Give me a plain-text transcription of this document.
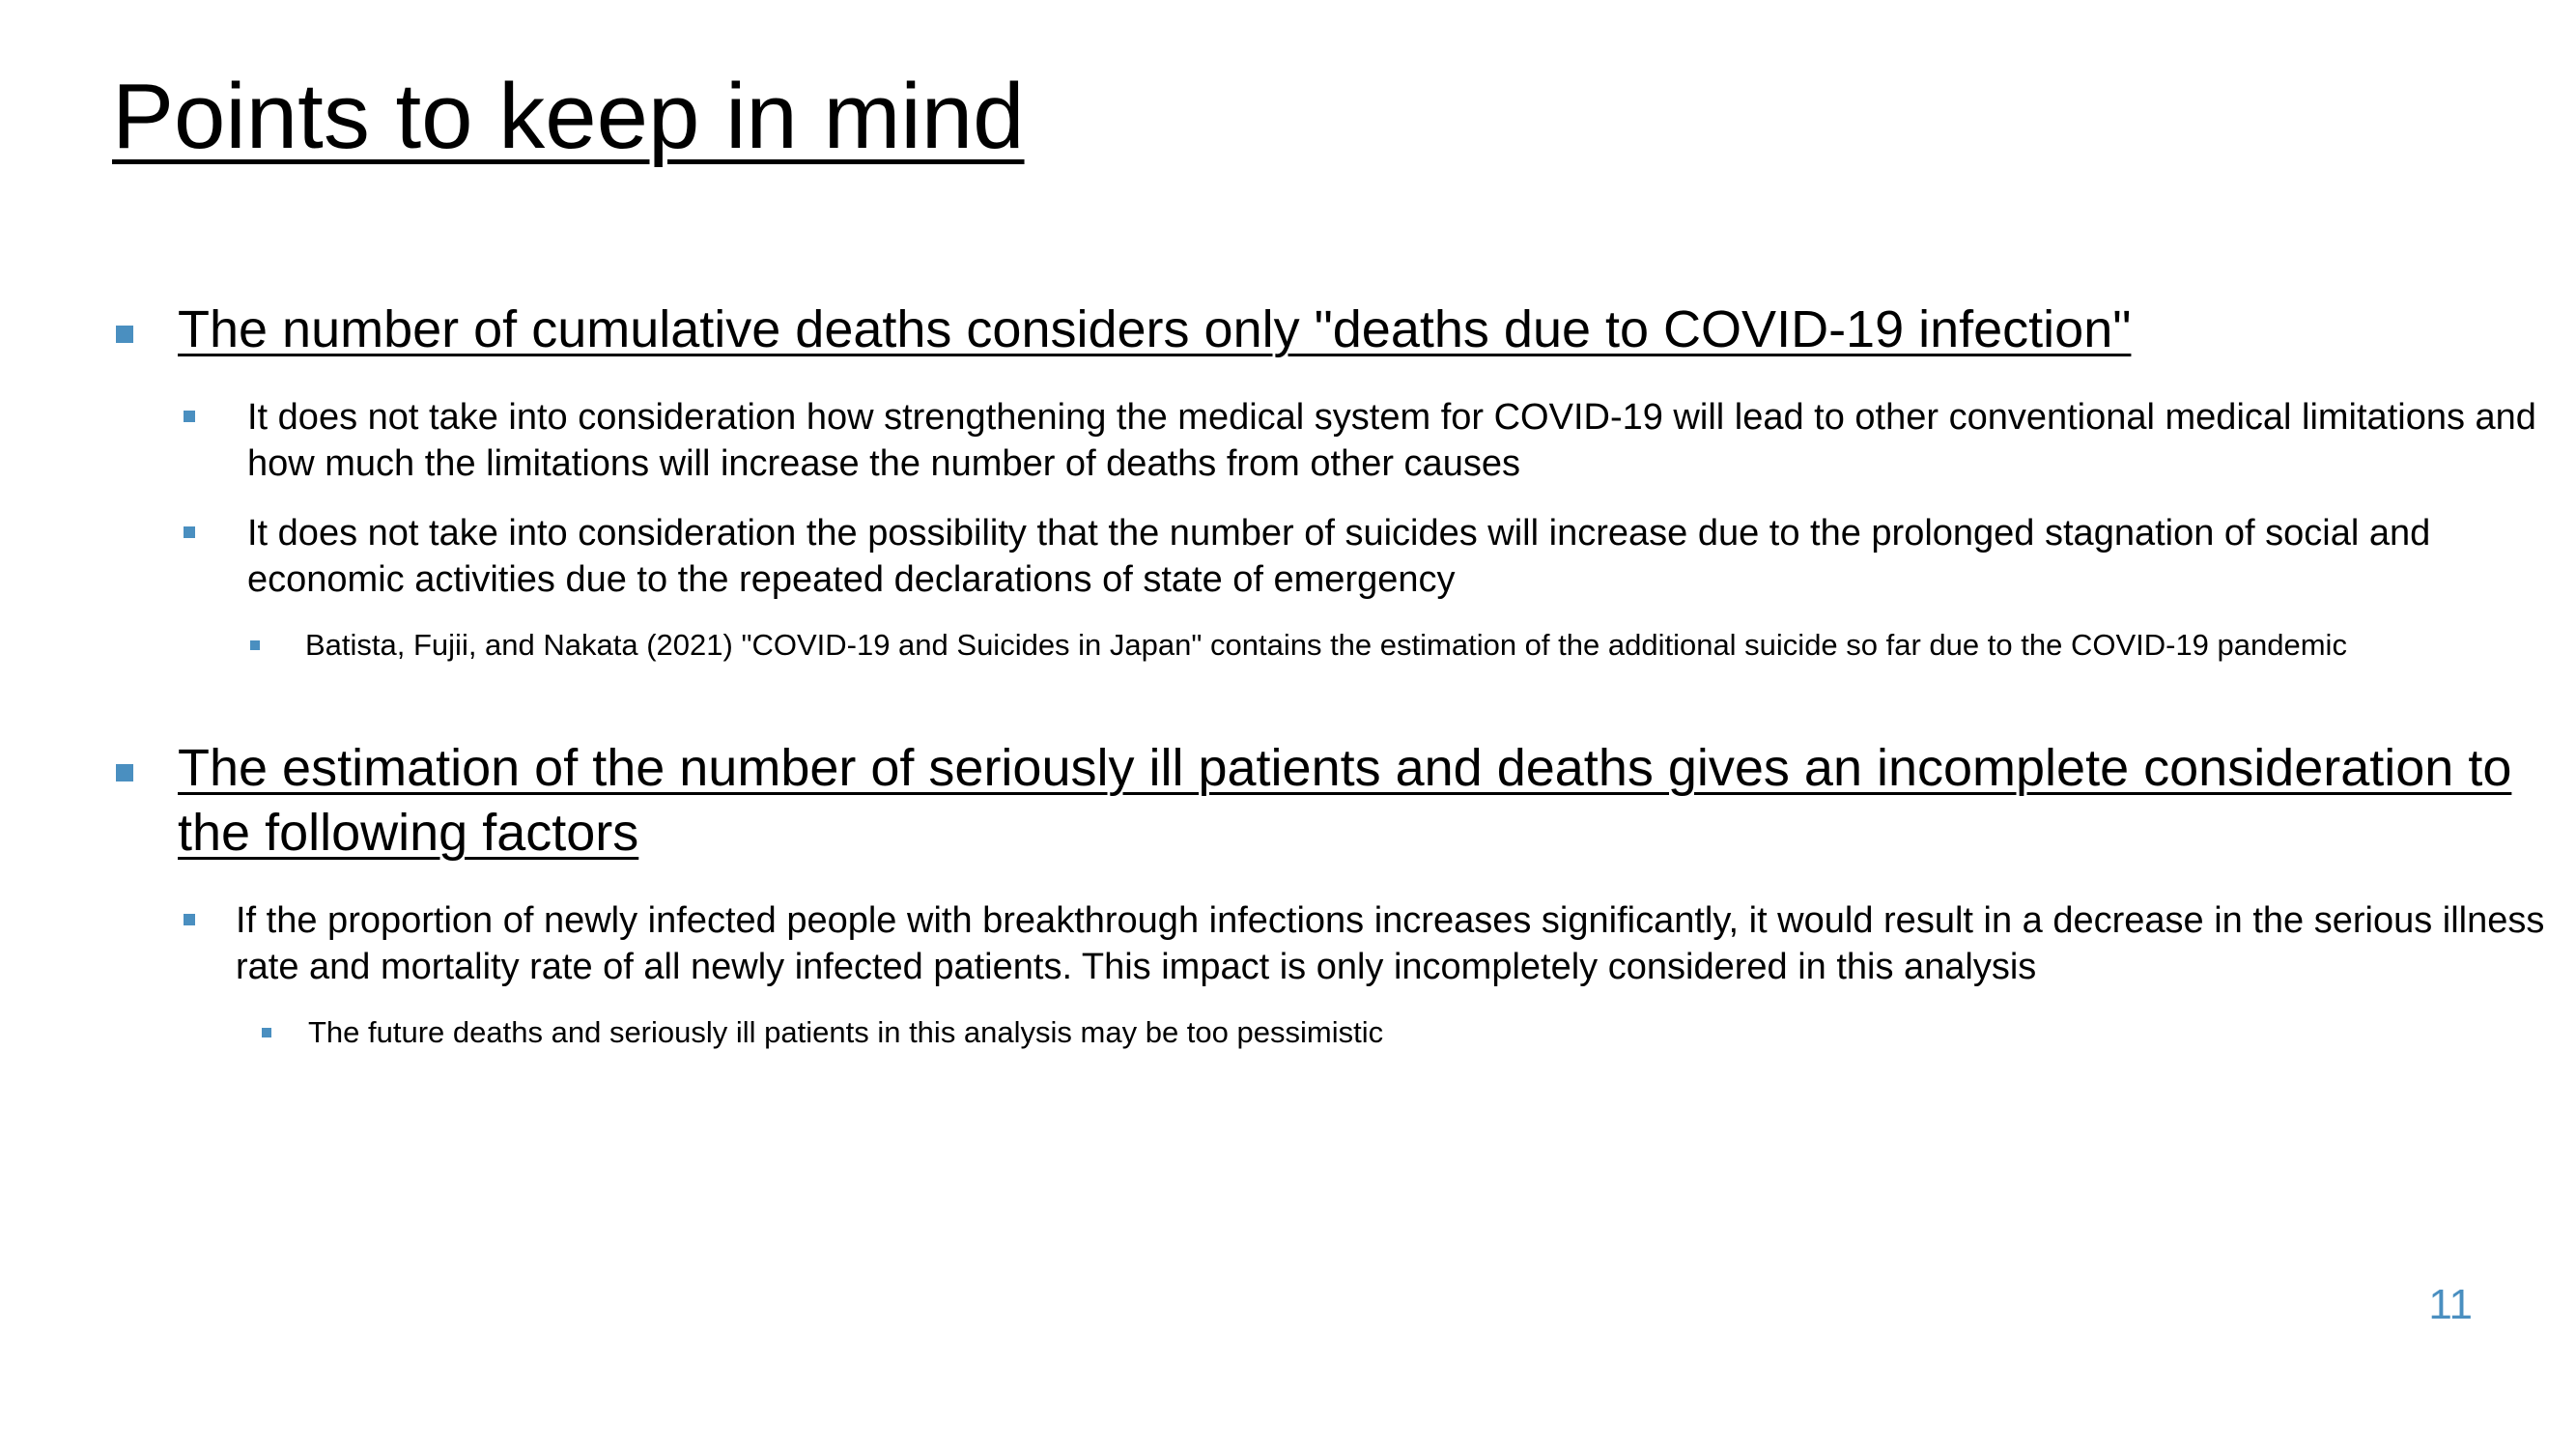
Points to keep in mind
The number of cumulative deaths considers only "deaths due to COVID-19 infection"
It does not take into consideration how strengthening the medical system for COVID-19 will lead to other conventional medical limitations and how much the limitations will increase the number of deaths from other causes
It does not take into consideration the possibility that the number of suicides will increase due to the prolonged stagnation of social and economic activities due to the repeated declarations of state of emergency
Batista, Fujii, and Nakata (2021) "COVID-19 and Suicides in Japan" contains the estimation of the additional suicide so far due to the COVID-19 pandemic
The estimation of the number of seriously ill patients and deaths gives an incomplete consideration to the following factors
If the proportion of newly infected people with breakthrough infections increases significantly, it would result in a decrease in the serious illness rate and mortality rate of all newly infected patients. This impact is only incompletely considered in this analysis
The future deaths and seriously ill patients in this analysis may be too pessimistic
11
